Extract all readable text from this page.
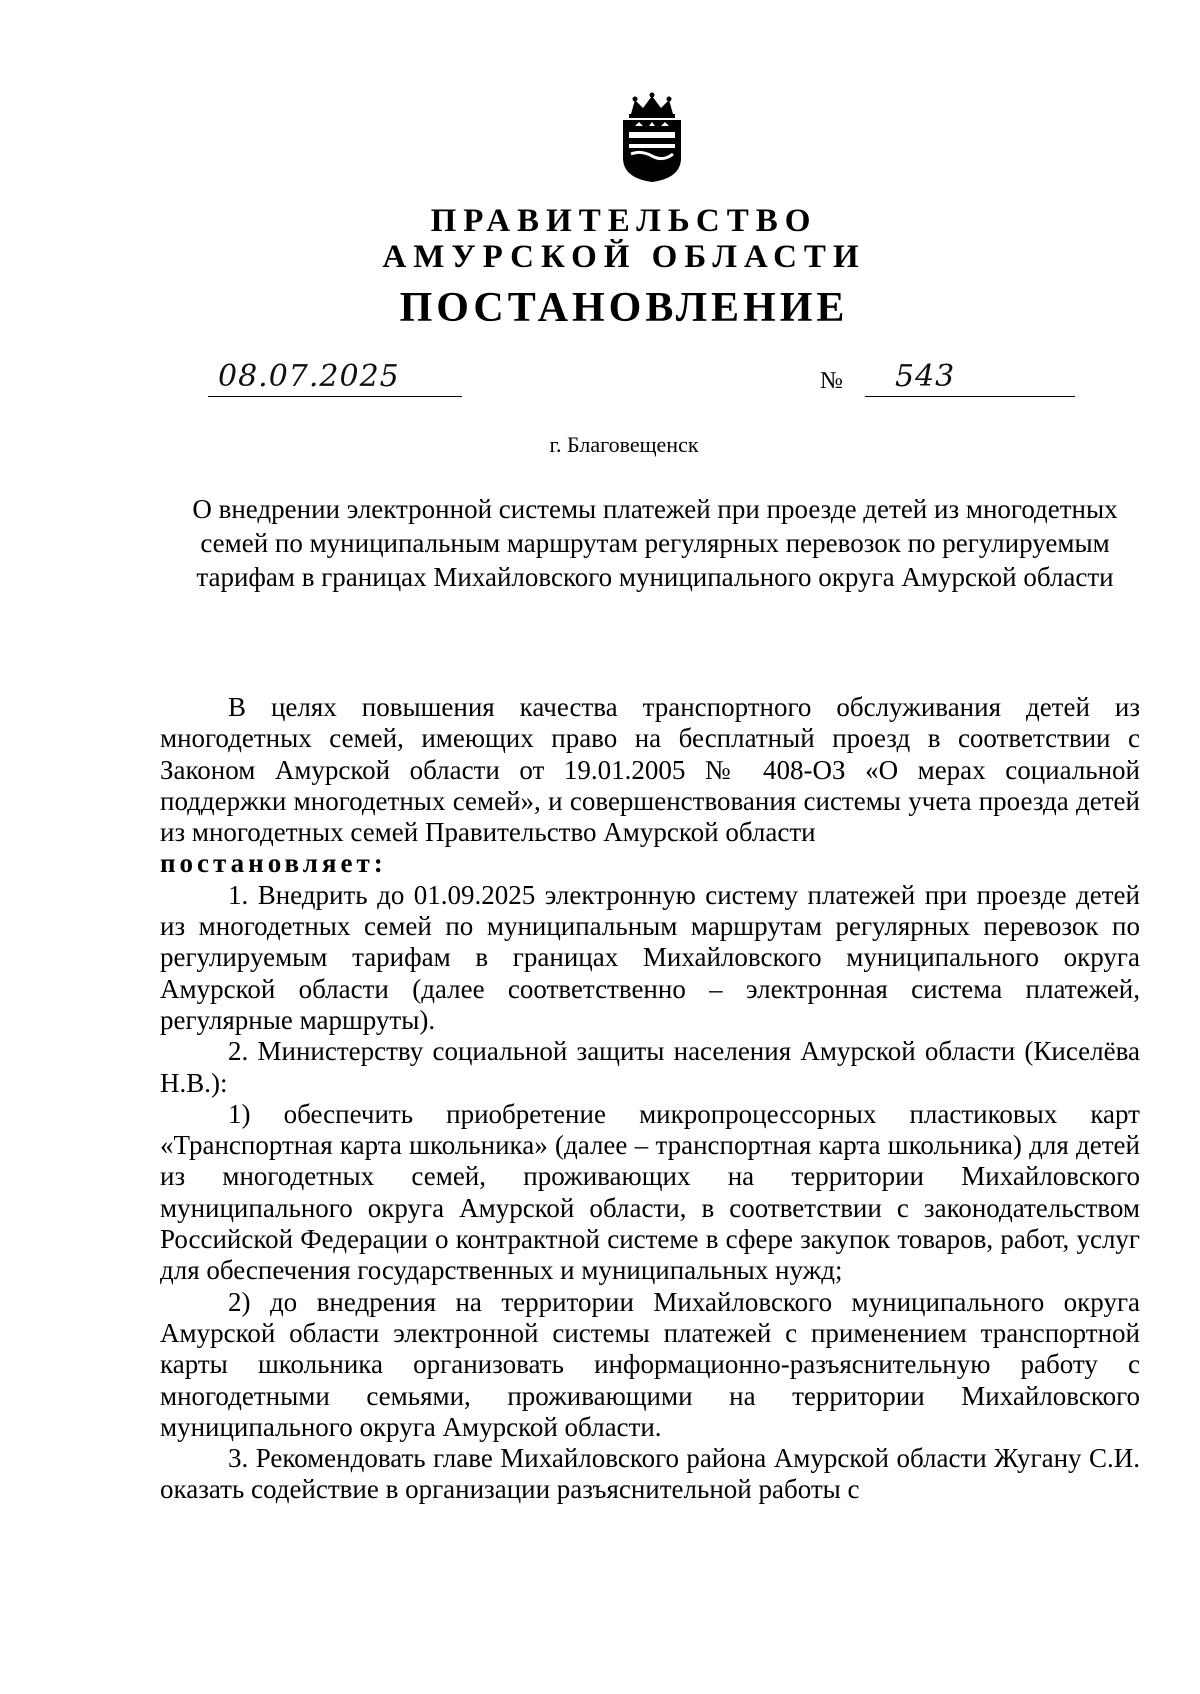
ПРАВИТЕЛЬСТВО
АМУРСКОЙ ОБЛАСТИ
ПОСТАНОВЛЕНИЕ
08.07.2025	№ 543
г. Благовещенск
О внедрении электронной системы платежей при проезде детей из многодетных семей по муниципальным маршрутам регулярных перевозок по регулируемым тарифам в границах Михайловского муниципального округа Амурской области

В целях повышения качества транспортного обслуживания детей из многодетных семей, имеющих право на бесплатный проезд в соответствии с Законом Амурской области от 19.01.2005 № 408-ОЗ «О мерах социальной поддержки многодетных семей», и совершенствования системы учета проезда детей из многодетных семей Правительство Амурской области

постановляет:

1. Внедрить до 01.09.2025 электронную систему платежей при проезде детей из многодетных семей по муниципальным маршрутам регулярных перевозок по регулируемым тарифам в границах Михайловского муниципального округа Амурской области (далее соответственно – электронная система платежей, регулярные маршруты).

2. Министерству социальной защиты населения Амурской области (Киселёва Н.В.):

1) обеспечить приобретение микропроцессорных пластиковых карт «Транспортная карта школьника» (далее – транспортная карта школьника) для детей из многодетных семей, проживающих на территории Михайловского муниципального округа Амурской области, в соответствии с законодательством Российской Федерации о контрактной системе в сфере закупок товаров, работ, услуг для обеспечения государственных и муниципальных нужд;

2) до внедрения на территории Михайловского муниципального округа Амурской области электронной системы платежей с применением транспортной карты школьника организовать информационно-разъяснительную работу с многодетными семьями, проживающими на территории Михайловского муниципального округа Амурской области.

3. Рекомендовать главе Михайловского района Амурской области Жугану С.И. оказать содействие в организации разъяснительной работы с
